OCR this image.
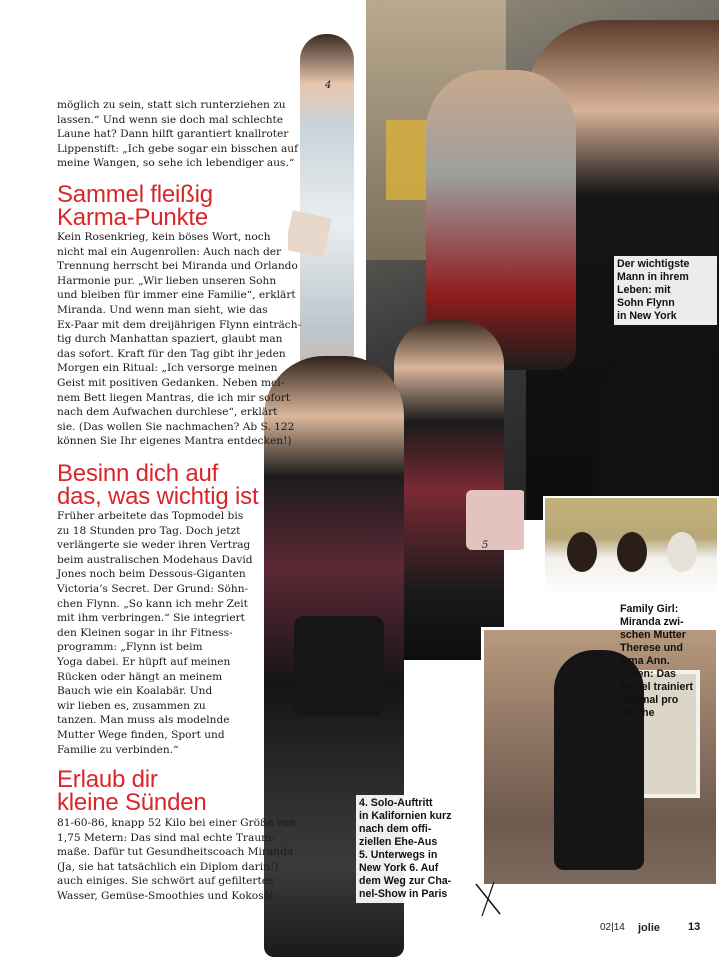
4
5
6

möglich zu sein, statt sich runterziehen zu

lassen.“ Und wenn sie doch mal schlechte

Laune hat? Dann hilft garantiert knallroter

Lippenstift: „Ich gebe sogar ein bisschen auf

meine Wangen, so sehe ich lebendiger aus.“

Sammel fleißig
Karma-Punkte

Kein Rosenkrieg, kein böses Wort, noch

nicht mal ein Augenrollen: Auch nach der

Trennung herrscht bei Miranda und Orlando

Harmonie pur. „Wir lieben unseren Sohn

und bleiben für immer eine Familie“, erklärt

Miranda. Und wenn man sieht, wie das

Ex-Paar mit dem dreijährigen Flynn einträch-

tig durch Manhattan spaziert, glaubt man

das sofort. Kraft für den Tag gibt ihr jeden

Morgen ein Ritual: „Ich versorge meinen

Geist mit positiven Gedanken. Neben mei-

nem Bett liegen Mantras, die ich mir sofort

nach dem Aufwachen durchlese“, erklärt

sie. (Das wollen Sie nachmachen? Ab S. 122

können Sie Ihr eigenes Mantra entdecken!)

Besinn dich auf
das, was wichtig ist

Früher arbeitete das Topmodel bis

zu 18 Stunden pro Tag. Doch jetzt

verlängerte sie weder ihren Vertrag

beim australischen Modehaus David

Jones noch beim Dessous-Giganten

Victoria’s Secret. Der Grund: Söhn-

chen Flynn. „So kann ich mehr Zeit

mit ihm verbringen.“ Sie integriert

den Kleinen sogar in ihr Fitness-

programm: „Flynn ist beim

Yoga dabei. Er hüpft auf meinen

Rücken oder hängt an meinem

Bauch wie ein Koalabär. Und

wir lieben es, zusammen zu

tanzen. Man muss als modelnde

Mutter Wege finden, Sport und

Familie zu verbinden.“

Erlaub dir
kleine Sünden

81-60-86, knapp 52 Kilo bei einer Größe von

1,75 Metern: Das sind mal echte Traum-

maße. Dafür tut Gesundheitscoach Miranda

(Ja, sie hat tatsächlich ein Diplom darin!)

auch einiges. Sie schwört auf gefiltertes

Wasser, Gemüse-Smoothies und Kokosöl.

Der wichtigste
Mann in ihrem
Leben: mit
Sohn Flynn
in New York
Family Girl:
Miranda zwi-
schen Mutter
Therese und
Oma Ann.
Unten: Das
Model trainiert
fünfmal pro
Woche
4. Solo-Auftritt
in Kalifornien kurz
nach dem offi-
ziellen Ehe-Aus
5. Unterwegs in
New York 6. Auf
dem Weg zur Cha-
nel-Show in Paris
02|14 jolie	13
